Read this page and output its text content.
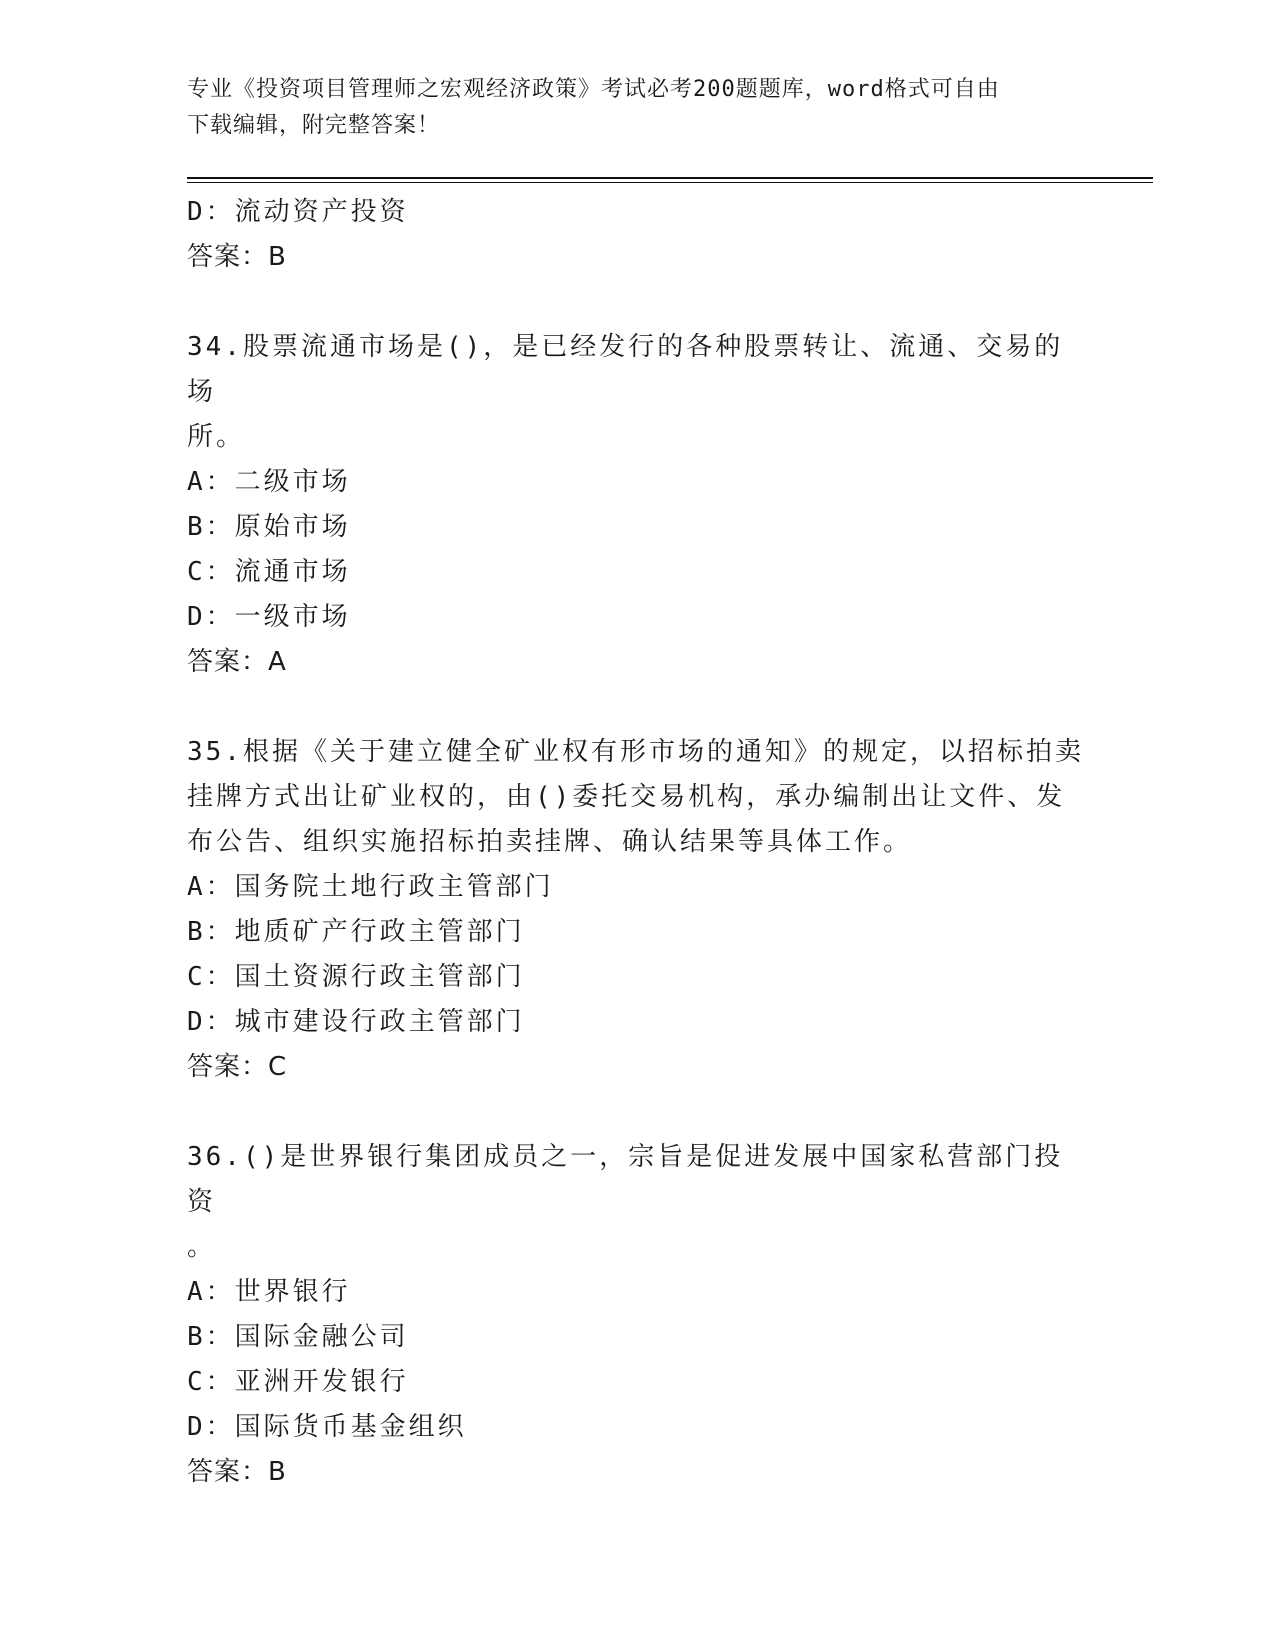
专业《投资项目管理师之宏观经济政策》考试必考200题题库，word格式可自由

下载编辑，附完整答案！

D：流动资产投资

答案：B

34.股票流通市场是()，是已经发行的各种股票转让、流通、交易的场

所。

A：二级市场

B：原始市场

C：流通市场

D：一级市场

答案：A

35.根据《关于建立健全矿业权有形市场的通知》的规定，以招标拍卖

挂牌方式出让矿业权的，由()委托交易机构，承办编制出让文件、发

布公告、组织实施招标拍卖挂牌、确认结果等具体工作。

A：国务院土地行政主管部门

B：地质矿产行政主管部门

C：国土资源行政主管部门

D：城市建设行政主管部门

答案：C

36.()是世界银行集团成员之一，宗旨是促进发展中国家私营部门投资

。

A：世界银行

B：国际金融公司

C：亚洲开发银行

D：国际货币基金组织

答案：B
